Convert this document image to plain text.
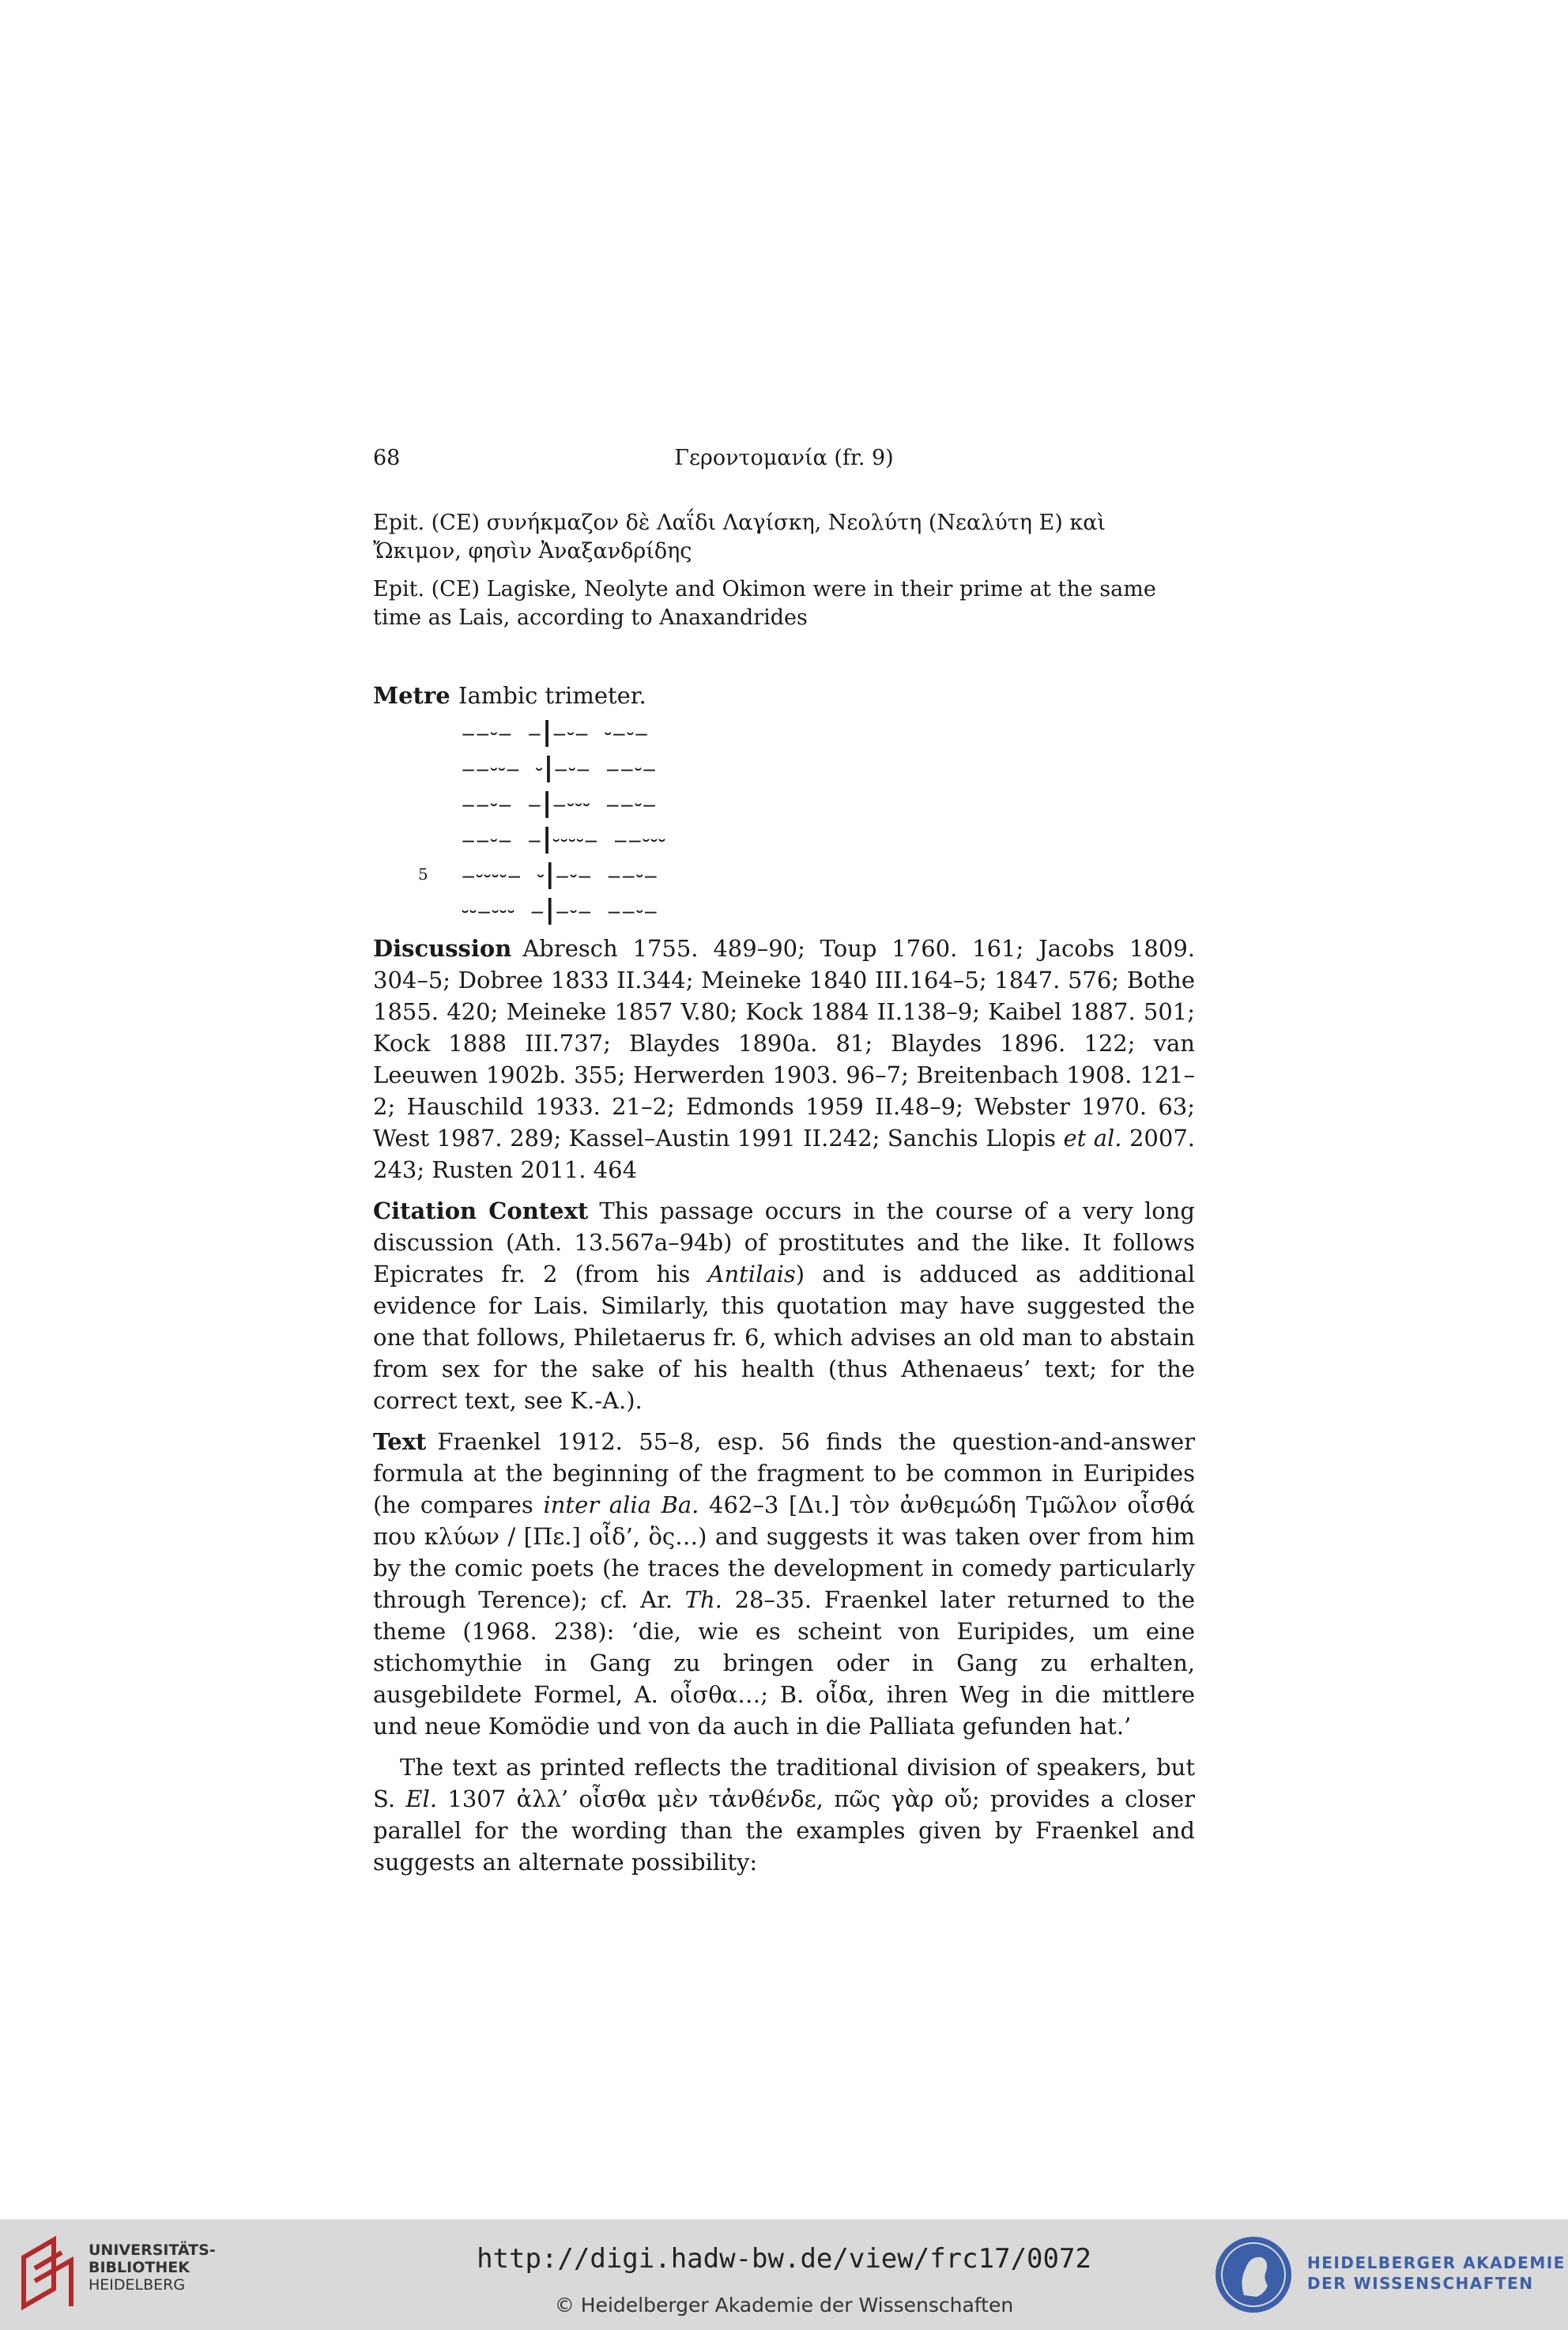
68	Γεροντομανία (fr. 9)

Epit. (CE) συνήκμαζον δὲ Λαΐδι Λαγίσκη, Νεολύτη (Νεαλύτη E) καὶ Ὤκιμον, φησὶν Ἀναξανδρίδης

Epit. (CE) Lagiske, Neolyte and Okimon were in their prime at the same time as Lais, according to Anaxandrides

Metre Iambic trimeter.
‒‒⏑‒  ‒|‒⏑‒  ⏑‒⏑‒
‒‒⏑⏑‒  ⏑|‒⏑‒  ‒‒⏑‒
‒‒⏑‒  ‒|‒⏑⏑⏑  ‒‒⏑‒
‒‒⏑‒  ‒|⏑⏑⏑⏑‒  ‒‒⏑⏑⏑
‒⏑⏑⏑⏑‒  ⏑|‒⏑‒  ‒‒⏑‒
⏑⏑‒⏑⏑⏑  ‒|‒⏑‒  ‒‒⏑‒
5

Discussion Abresch 1755. 489–90; Toup 1760. 161; Jacobs 1809. 304–5; Dobree 1833 II.344; Meineke 1840 III.164–5; 1847. 576; Bothe 1855. 420; Meineke 1857 V.80; Kock 1884 II.138–9; Kaibel 1887. 501; Kock 1888 III.737; Blaydes 1890a. 81; Blaydes 1896. 122; van Leeuwen 1902b. 355; Herwerden 1903. 96–7; Breitenbach 1908. 121–2; Hauschild 1933. 21–2; Edmonds 1959 II.48–9; Webster 1970. 63; West 1987. 289; Kassel–Austin 1991 II.242; Sanchis Llopis et al. 2007. 243; Rusten 2011. 464

Citation Context This passage occurs in the course of a very long discussion (Ath. 13.567a–94b) of prostitutes and the like. It follows Epicrates fr. 2 (from his Antilais) and is adduced as additional evidence for Lais. Similarly, this quotation may have suggested the one that follows, Philetaerus fr. 6, which advises an old man to abstain from sex for the sake of his health (thus Athenaeus’ text; for the correct text, see K.-A.).

Text Fraenkel 1912. 55–8, esp. 56 finds the question-and-answer formula at the beginning of the fragment to be common in Euripides (he compares inter alia Ba. 462–3 [Δι.] τὸν ἀνθεμώδη Τμῶλον οἶσθά που κλύων / [Πε.] οἶδ’, ὃς…) and suggests it was taken over from him by the comic poets (he traces the development in comedy particularly through Terence); cf. Ar. Th. 28–35. Fraenkel later returned to the theme (1968. 238): ‘die, wie es scheint von Euripides, um eine stichomythie in Gang zu bringen oder in Gang zu erhalten, ausgebildete Formel, A. οἶσθα…; B. οἶδα, ihren Weg in die mittlere und neue Komödie und von da auch in die Palliata gefunden hat.’

The text as printed reflects the traditional division of speakers, but S. El. 1307 ἀλλ’ οἶσθα μὲν τἀνθένδε, πῶς γὰρ οὔ; provides a closer parallel for the wording than the examples given by Fraenkel and suggests an alternate possibility:

UNIVERSITÄTS-
BIBLIOTHEK
HEIDELBERG
http://digi.hadw-bw.de/view/frc17/0072
© Heidelberger Akademie der Wissenschaften
HEIDELBERGER AKADEMIE
DER WISSENSCHAFTEN
